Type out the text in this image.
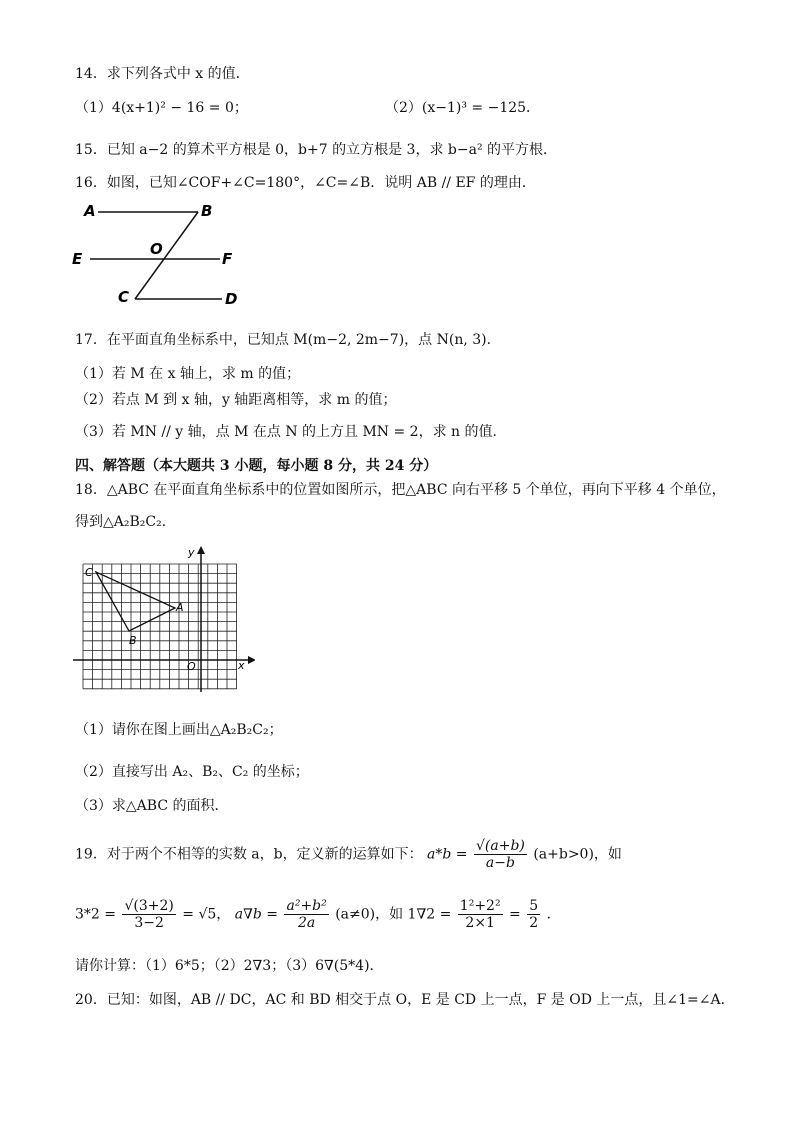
14．求下列各式中 x 的值．
（1）4(x+1)² − 16 = 0；	（2）(x−1)³ = −125．
15．已知 a−2 的算术平方根是 0，b+7 的立方根是 3，求 b−a² 的平方根．
16．如图，已知∠COF+∠C=180°，∠C=∠B．说明 AB // EF 的理由．
A	B
E
O
F
C	D
17．在平面直角坐标系中，已知点 M(m−2, 2m−7)，点 N(n, 3)．
（1）若 M 在 x 轴上，求 m 的值；
（2）若点 M 到 x 轴，y 轴距离相等，求 m 的值；
（3）若 MN // y 轴，点 M 在点 N 的上方且 MN = 2，求 n 的值.
四、解答题（本大题共 3 小题，每小题 8 分，共 24 分）
18．△ABC 在平面直角坐标系中的位置如图所示，把△ABC 向右平移 5 个单位，再向下平移 4 个单位，
得到△A₂B₂C₂．
y
x
O
A
B
C
（1）请你在图上画出△A₂B₂C₂；
（2）直接写出 A₂、B₂、C₂ 的坐标；
（3）求△ABC 的面积．
19．对于两个不相等的实数 a，b，定义新的运算如下： $a*b = \frac{√(a+b)}{a-b} (a+b>0)$，如
$3*2 = \frac{√(3+2)}{3-2} = √5$， $a\nabla b = \frac{\text{a²+b²}}{2a} (a\ne 0)$，如 $1\nabla 2 = \frac{\text{1²+2²}}{2\times 1} = \frac{5}{2}$ ．
请你计算：（1）6*5；（2）2∇3；（3）6∇(5*4)．
20．已知：如图，AB // DC，AC 和 BD 相交于点 O，E 是 CD 上一点，F 是 OD 上一点，且∠1=∠A．
